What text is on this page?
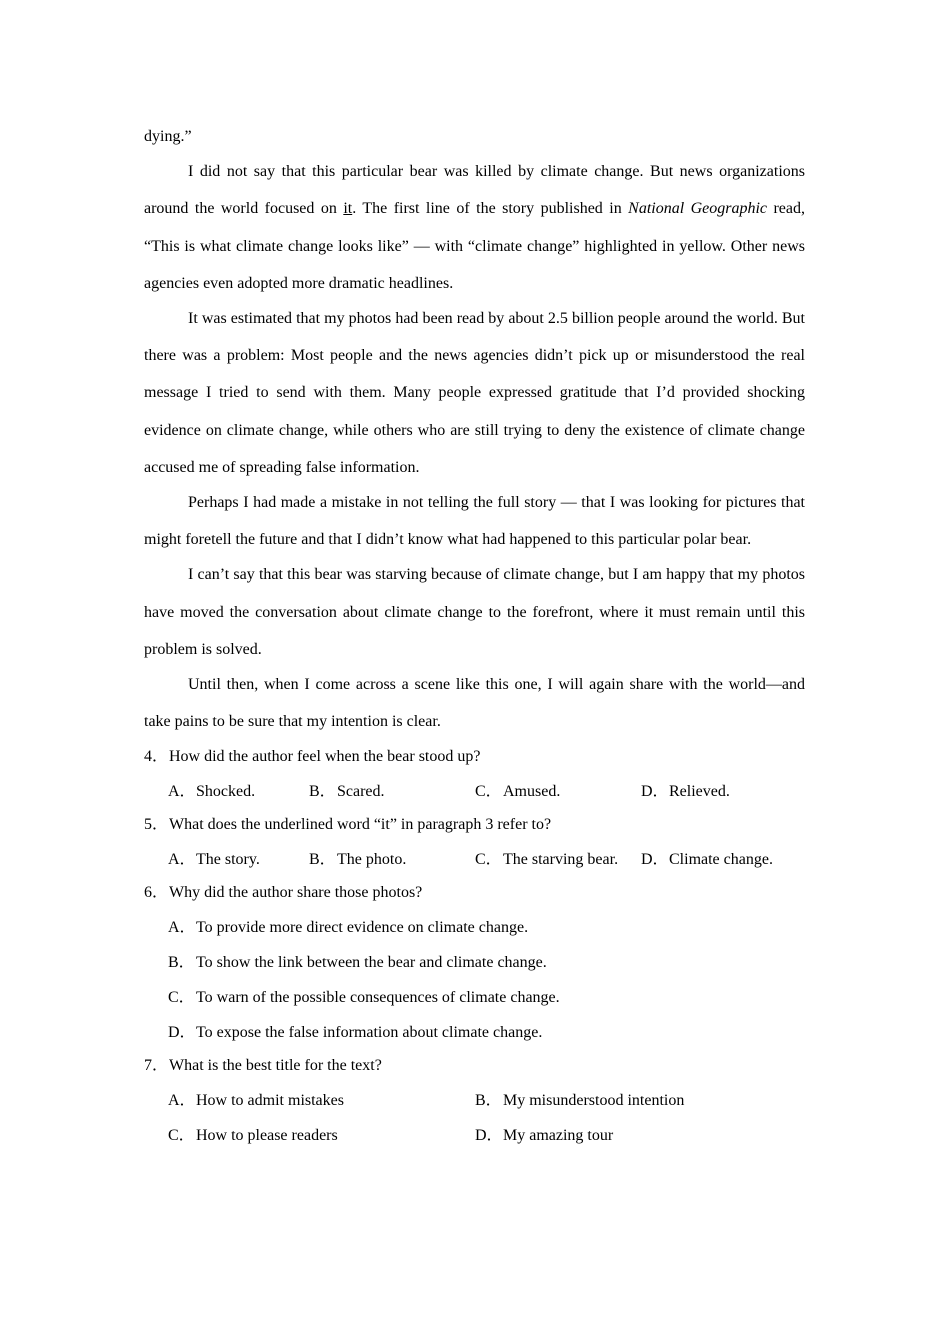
dying.”

I did not say that this particular bear was killed by climate change. But news organizations around the world focused on it. The first line of the story published in National Geographic read, “This is what climate change looks like” — with “climate change” highlighted in yellow. Other news agencies even adopted more dramatic headlines.

It was estimated that my photos had been read by about 2.5 billion people around the world. But there was a problem: Most people and the news agencies didn’t pick up or misunderstood the real message I tried to send with them. Many people expressed gratitude that I’d provided shocking evidence on climate change, while others who are still trying to deny the existence of climate change accused me of spreading false information.

Perhaps I had made a mistake in not telling the full story — that I was looking for pictures that might foretell the future and that I didn’t know what had happened to this particular polar bear.

I can’t say that this bear was starving because of climate change, but I am happy that my photos have moved the conversation about climate change to the forefront, where it must remain until this problem is solved.

Until then, when I come across a scene like this one, I will again share with the world—and take pains to be sure that my intention is clear.

4．How did the author feel when the bear stood up?

A．Shocked.	B．Scared.	C．Amused.	D．Relieved.

5．What does the underlined word “it” in paragraph 3 refer to?

A．The story.	B．The photo.	C．The starving bear. D．Climate change.

6．Why did the author share those photos?

A．To provide more direct evidence on climate change.

B．To show the link between the bear and climate change.

C．To warn of the possible consequences of climate change.

D．To expose the false information about climate change.

7．What is the best title for the text?

A．How to admit mistakes	B．My misunderstood intention
C．How to please readers	D．My amazing tour
